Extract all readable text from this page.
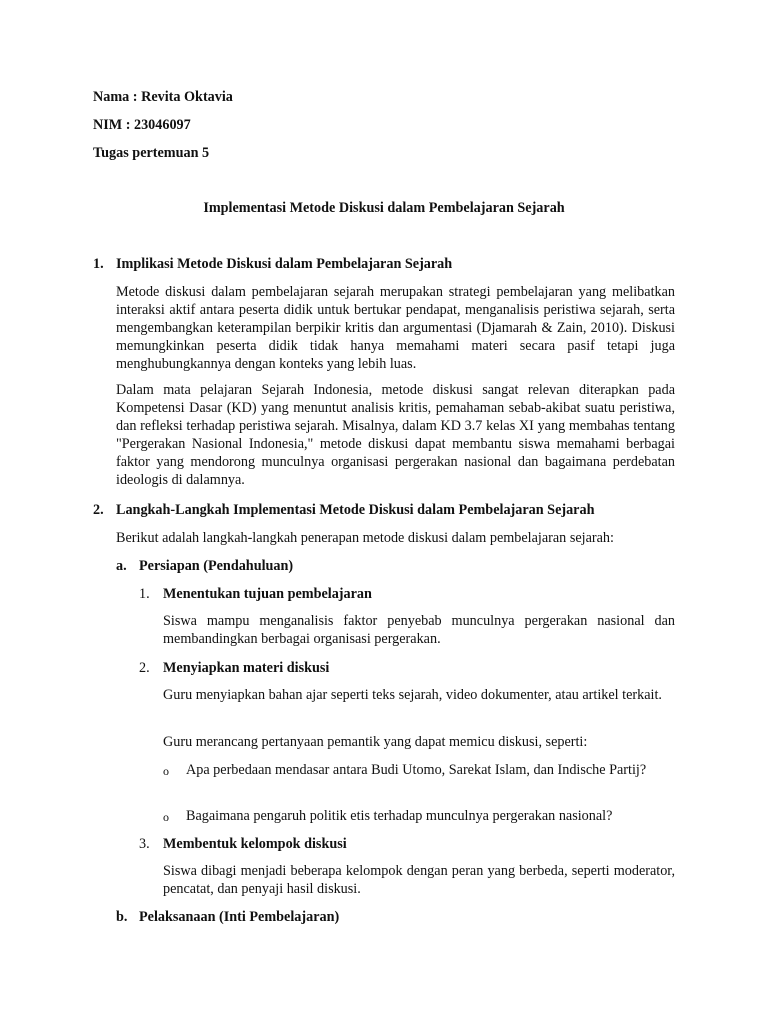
Nama : Revita Oktavia
NIM : 23046097
Tugas pertemuan 5
Implementasi Metode Diskusi dalam Pembelajaran Sejarah
1. Implikasi Metode Diskusi dalam Pembelajaran Sejarah
Metode diskusi dalam pembelajaran sejarah merupakan strategi pembelajaran yang melibatkan interaksi aktif antara peserta didik untuk bertukar pendapat, menganalisis peristiwa sejarah, serta mengembangkan keterampilan berpikir kritis dan argumentasi (Djamarah & Zain, 2010). Diskusi memungkinkan peserta didik tidak hanya memahami materi secara pasif tetapi juga menghubungkannya dengan konteks yang lebih luas.
Dalam mata pelajaran Sejarah Indonesia, metode diskusi sangat relevan diterapkan pada Kompetensi Dasar (KD) yang menuntut analisis kritis, pemahaman sebab-akibat suatu peristiwa, dan refleksi terhadap peristiwa sejarah. Misalnya, dalam KD 3.7 kelas XI yang membahas tentang "Pergerakan Nasional Indonesia," metode diskusi dapat membantu siswa memahami berbagai faktor yang mendorong munculnya organisasi pergerakan nasional dan bagaimana perdebatan ideologis di dalamnya.
2. Langkah-Langkah Implementasi Metode Diskusi dalam Pembelajaran Sejarah
Berikut adalah langkah-langkah penerapan metode diskusi dalam pembelajaran sejarah:
a. Persiapan (Pendahuluan)
1. Menentukan tujuan pembelajaran
Siswa mampu menganalisis faktor penyebab munculnya pergerakan nasional dan membandingkan berbagai organisasi pergerakan.
2. Menyiapkan materi diskusi
Guru menyiapkan bahan ajar seperti teks sejarah, video dokumenter, atau artikel terkait.
Guru merancang pertanyaan pemantik yang dapat memicu diskusi, seperti:
o Apa perbedaan mendasar antara Budi Utomo, Sarekat Islam, dan Indische Partij?
o Bagaimana pengaruh politik etis terhadap munculnya pergerakan nasional?
3. Membentuk kelompok diskusi
Siswa dibagi menjadi beberapa kelompok dengan peran yang berbeda, seperti moderator, pencatat, dan penyaji hasil diskusi.
b. Pelaksanaan (Inti Pembelajaran)
